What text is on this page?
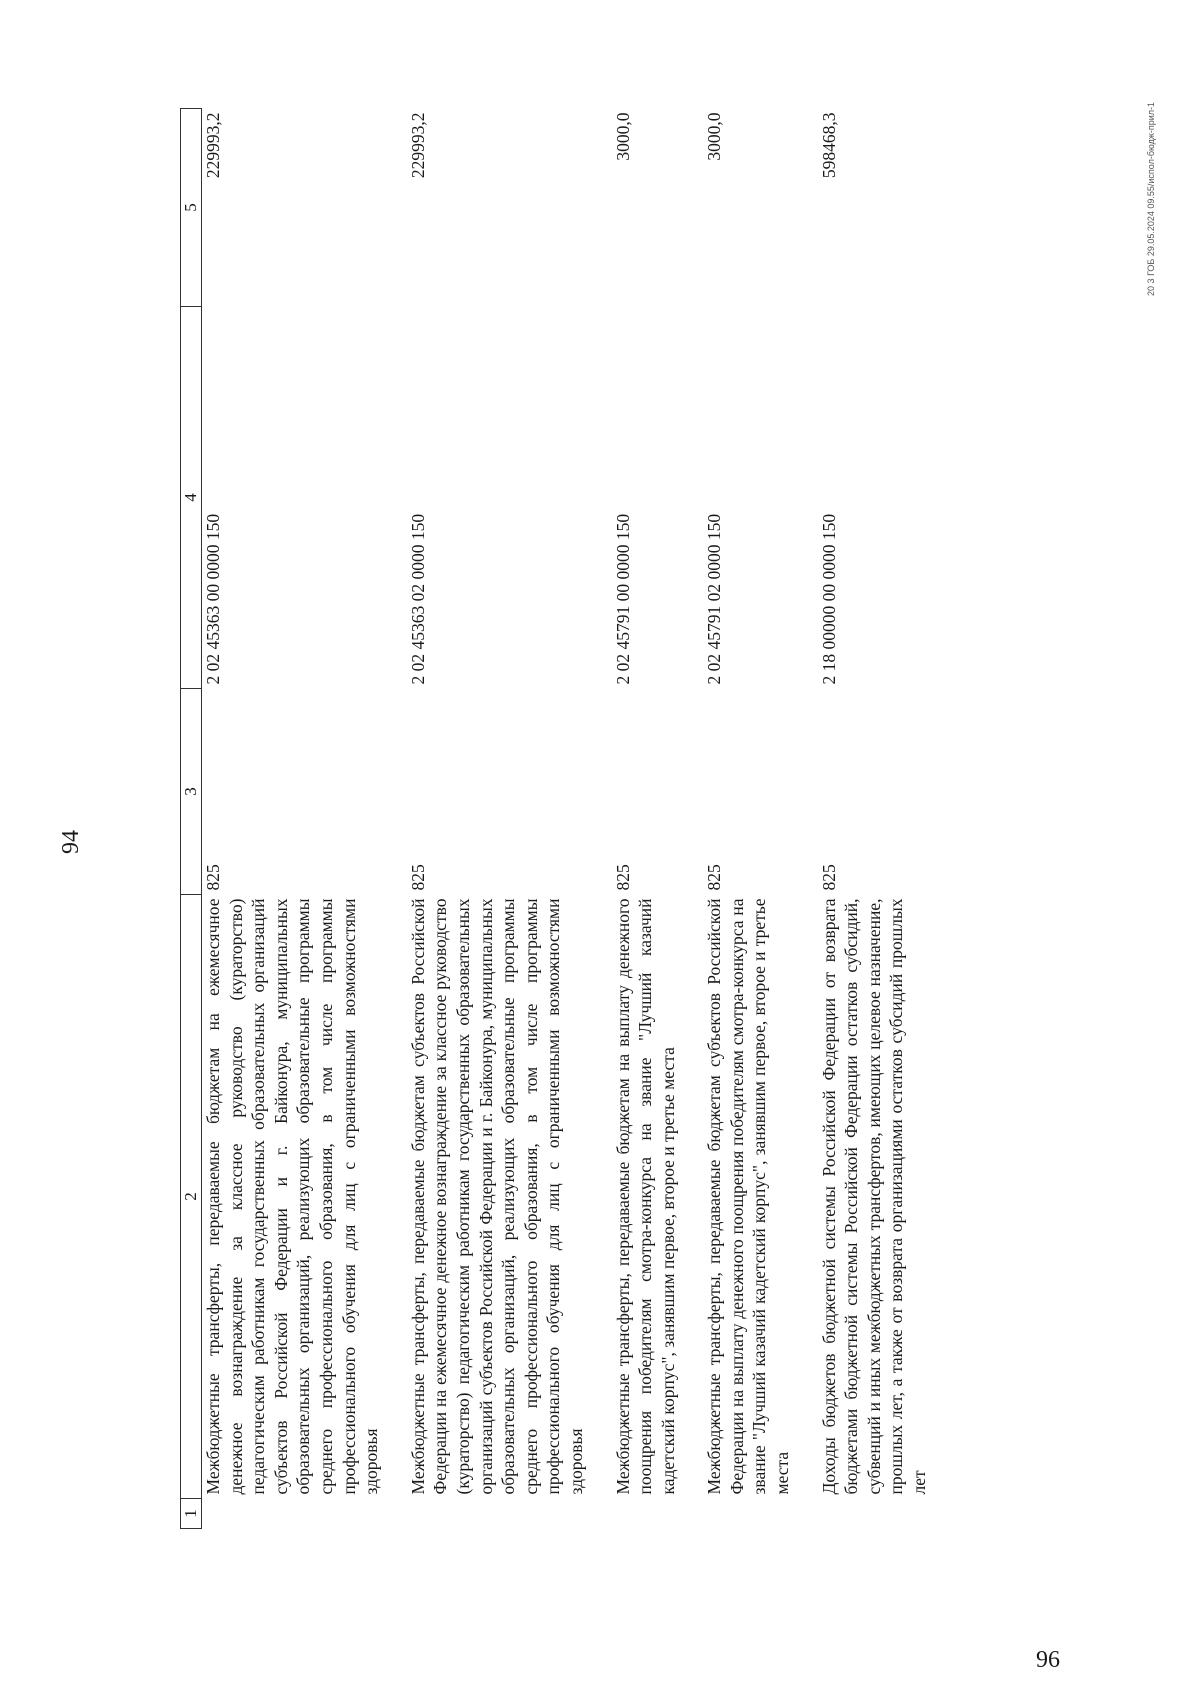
94
1	2	3	4	5
	Межбюджетные трансферты, передаваемые бюджетам на ежемесячное денежное вознаграждение за классное руководство (кураторство) педагогическим работникам государственных образовательных организаций субъектов Российской Федерации и г. Байконура, муниципальных образовательных организаций, реализующих образовательные программы среднего профессионального образования, в том числе программы профессионального обучения для лиц с ограниченными возможностями здоровья	825	2 02 45363 00 0000 150	229993,2
	Межбюджетные трансферты, передаваемые бюджетам субъектов Российской Федерации на ежемесячное денежное вознаграждение за классное руководство (кураторство) педагогическим работникам государственных образовательных организаций субъектов Российской Федерации и г. Байконура, муниципальных образовательных организаций, реализующих образовательные программы среднего профессионального образования, в том числе программы профессионального обучения для лиц с ограниченными возможностями здоровья	825	2 02 45363 02 0000 150	229993,2
	Межбюджетные трансферты, передаваемые бюджетам на выплату денежного поощрения победителям смотра-конкурса на звание "Лучший казачий кадетский корпус", занявшим первое, второе и третье места	825	2 02 45791 00 0000 150	3000,0
	Межбюджетные трансферты, передаваемые бюджетам субъектов Российской Федерации на выплату денежного поощрения победителям смотра-конкурса на звание "Лучший казачий кадетский корпус", занявшим первое, второе и третье места	825	2 02 45791 02 0000 150	3000,0
	Доходы бюджетов бюджетной системы Российской Федерации от возврата бюджетами бюджетной системы Российской Федерации остатков субсидий, субвенций и иных межбюджетных трансфертов, имеющих целевое назначение, прошлых лет, а также от возврата организациями остатков субсидий прошлых лет	825	2 18 00000 00 0000 150	598468,3	20 3 ГОБ 29.05.2024 09.55/испол-бюдж-прил-1
96
